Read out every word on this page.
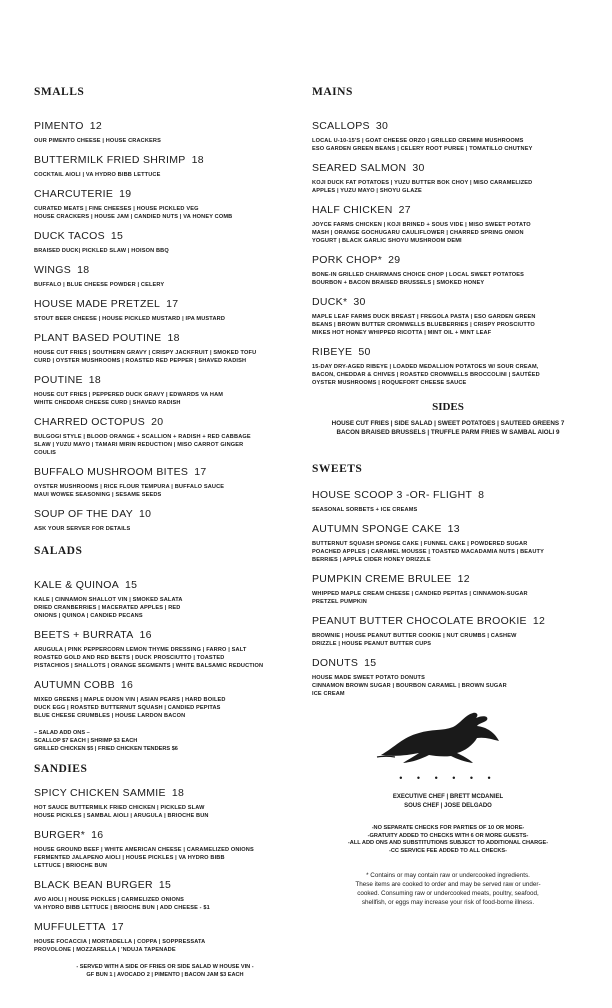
SMALLS
PIMENTO 12
OUR PIMENTO CHEESE | HOUSE CRACKERS
BUTTERMILK FRIED SHRIMP 18
COCKTAIL AIOLI | VA HYDRO BIBB LETTUCE
CHARCUTERIE 19
CURATED MEATS | FINE CHEESES | HOUSE PICKLED VEG
HOUSE CRACKERS | HOUSE JAM | CANDIED NUTS | VA HONEY COMB
DUCK TACOS 15
BRAISED DUCK| PICKLED SLAW | HOISON BBQ
WINGS 18
BUFFALO | BLUE CHEESE POWDER | CELERY
HOUSE MADE PRETZEL 17
STOUT BEER CHEESE | HOUSE PICKLED MUSTARD | IPA MUSTARD
PLANT BASED POUTINE 18
HOUSE CUT FRIES | SOUTHERN GRAVY | CRISPY JACKFRUIT | SMOKED TOFU
CURD | OYSTER MUSHROOMS | ROASTED RED PEPPER | SHAVED RADISH
POUTINE 18
HOUSE CUT FRIES | PEPPERED DUCK GRAVY | EDWARDS VA HAM
WHITE CHEDDAR CHEESE CURD | SHAVED RADISH
CHARRED OCTOPUS 20
BULGOGI STYLE | BLOOD ORANGE + SCALLION + RADISH + RED CABBAGE
SLAW | YUZU MAYO | TAMARI MIRIN REDUCTION | MISO CARROT GINGER
COULIS
BUFFALO MUSHROOM BITES 17
OYSTER MUSHROOMS | RICE FLOUR TEMPURA | BUFFALO SAUCE
MAUI WOWEE SEASONING | SESAME SEEDS
SOUP OF THE DAY 10
ASK YOUR SERVER FOR DETAILS
SALADS
KALE & QUINOA 15
KALE | CINNAMON SHALLOT VIN | SMOKED SALATA
DRIED CRANBERRIES | MACERATED APPLES | RED
ONIONS | QUINOA | CANDIED PECANS
BEETS + BURRATA 16
ARUGULA | PINK PEPPERCORN LEMON THYME DRESSING | FARRO | SALT
ROASTED GOLD AND RED BEETS | DUCK PROSCIUTTO | TOASTED
PISTACHIOS | SHALLOTS | ORANGE SEGMENTS | WHITE BALSAMIC REDUCTION
AUTUMN COBB 16
MIXED GREENS | MAPLE DIJON VIN | ASIAN PEARS | HARD BOILED
DUCK EGG | ROASTED BUTTERNUT SQUASH | CANDIED PEPITAS
BLUE CHEESE CRUMBLES | HOUSE LARDON BACON
– SALAD ADD ONS –
SCALLOP $7 EACH | SHRIMP $3 EACH
GRILLED CHICKEN $5 | FRIED CHICKEN TENDERS $6
SANDIES
SPICY CHICKEN SAMMIE 18
HOT SAUCE BUTTERMILK FRIED CHICKEN | PICKLED SLAW
HOUSE PICKLES | SAMBAL AIOLI | ARUGULA | BRIOCHE BUN
BURGER* 16
HOUSE GROUND BEEF | WHITE AMERICAN CHEESE | CARAMELIZED ONIONS
FERMENTED JALAPENO AIOLI | HOUSE PICKLES | VA HYDRO BIBB
LETTUCE | BRIOCHE BUN
BLACK BEAN BURGER 15
AVO AIOLI | HOUSE PICKLES | CARMELIZED ONIONS
VA HYDRO BIBB LETTUCE | BRIOCHE BUN | ADD CHEESE - $1
MUFFULETTA 17
HOUSE FOCACCIA | MORTADELLA | COPPA | SOPPRESSATA
PROVOLONE | MOZZARELLA | 'NDUJA TAPENADE
- SERVED WITH A SIDE OF FRIES OR SIDE SALAD W HOUSE VIN -
GF BUN 1 | AVOCADO 2 | PIMENTO | BACON JAM $3 EACH
MAINS
SCALLOPS 30
LOCAL U-10-15'S | GOAT CHEESE ORZO | GRILLED CREMINI MUSHROOMS
ESO GARDEN GREEN BEANS | CELERY ROOT PUREE | TOMATILLO CHUTNEY
SEARED SALMON 30
KOJI DUCK FAT POTATOES | YUZU BUTTER BOK CHOY | MISO CARAMELIZED
APPLES | YUZU MAYO | SHOYU GLAZE
HALF CHICKEN 27
JOYCE FARMS CHICKEN | KOJI BRINED + SOUS VIDE | MISO SWEET POTATO
MASH | ORANGE GOCHUGARU CAULIFLOWER | CHARRED SPRING ONION
YOGURT | BLACK GARLIC SHOYU MUSHROOM DEMI
PORK CHOP* 29
BONE-IN GRILLED CHAIRMANS CHOICE CHOP | LOCAL SWEET POTATOES
BOURBON + BACON BRAISED BRUSSELS | SMOKED HONEY
DUCK* 30
MAPLE LEAF FARMS DUCK BREAST | FREGOLA PASTA | ESO GARDEN GREEN
BEANS | BROWN BUTTER CROMWELLS BLUEBERRIES | CRISPY PROSCIUTTO
MIKES HOT HONEY WHIPPED RICOTTA | MINT OIL + MINT LEAF
RIBEYE 50
15-DAY DRY-AGED RIBEYE | LOADED MEDALLION POTATOES W/ SOUR CREAM,
BACON, CHEDDAR & CHIVES | ROASTED CROMWELLS BROCCOLINI | SAUTÉED
OYSTER MUSHROOMS | ROQUEFORT CHEESE SAUCE
SIDES
HOUSE CUT FRIES | SIDE SALAD | SWEET POTATOES | SAUTEED GREENS 7
BACON BRAISED BRUSSELS | TRUFFLE PARM FRIES W SAMBAL AIOLI 9
SWEETS
HOUSE SCOOP 3 -OR- FLIGHT 8
SEASONAL SORBETS + ICE CREAMS
AUTUMN SPONGE CAKE 13
BUTTERNUT SQUASH SPONGE CAKE | FUNNEL CAKE | POWDERED SUGAR
POACHED APPLES | CARAMEL MOUSSE | TOASTED MACADAMIA NUTS | BEAUTY
BERRIES | APPLE CIDER HONEY DRIZZLE
PUMPKIN CREME BRULEE 12
WHIPPED MAPLE CREAM CHEESE | CANDIED PEPITAS | CINNAMON-SUGAR
PRETZEL PUMPKIN
PEANUT BUTTER CHOCOLATE BROOKIE 12
BROWNIE | HOUSE PEANUT BUTTER COOKIE | NUT CRUMBS | CASHEW
DRIZZLE | HOUSE PEANUT BUTTER CUPS
DONUTS 15
HOUSE MADE SWEET POTATO DONUTS
CINNAMON BROWN SUGAR | BOURBON CARAMEL | BROWN SUGAR
ICE CREAM
• • • • • •
EXECUTIVE CHEF | BRETT MCDANIEL
SOUS CHEF | JOSE DELGADO
-NO SEPARATE CHECKS FOR PARTIES OF 10 OR MORE-
-GRATUITY ADDED TO CHECKS WITH 6 OR MORE GUESTS-
-ALL ADD ONS AND SUBSTITUTIONS SUBJECT TO ADDITIONAL CHARGE-
-CC SERVICE FEE ADDED TO ALL CHECKS-
* Contains or may contain raw or undercooked ingredients.
These items are cooked to order and may be served raw or under-
cooked. Consuming raw or undercooked meats, poultry, seafood,
shellfish, or eggs may increase your risk of food-borne illness.
